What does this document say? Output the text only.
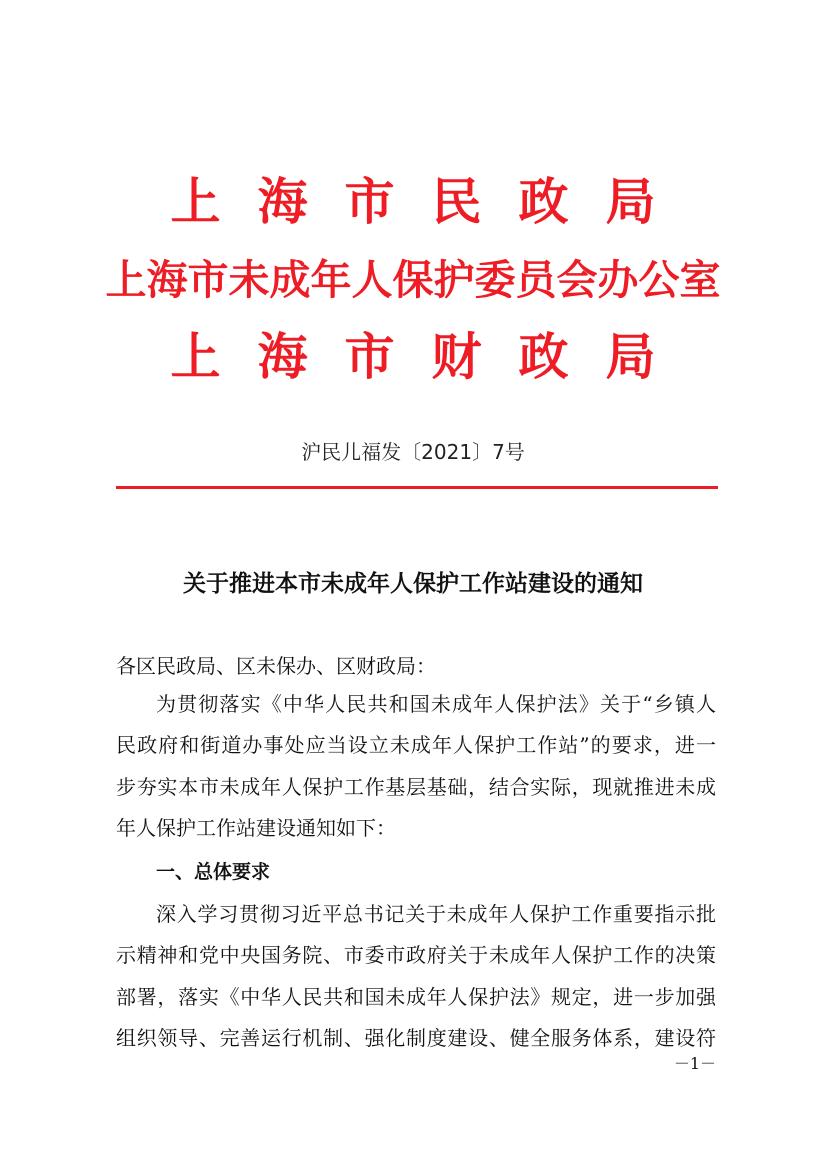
上海市民政局
上海市未成年人保护委员会办公室
上海市财政局
沪民儿福发〔2021〕7号
关于推进本市未成年人保护工作站建设的通知
各区民政局、区未保办、区财政局：
为贯彻落实《中华人民共和国未成年人保护法》关于“乡镇人
民政府和街道办事处应当设立未成年人保护工作站”的要求，进一
步夯实本市未成年人保护工作基层基础，结合实际，现就推进未成
年人保护工作站建设通知如下：
一、总体要求
深入学习贯彻习近平总书记关于未成年人保护工作重要指示批
示精神和党中央国务院、市委市政府关于未成年人保护工作的决策
部署，落实《中华人民共和国未成年人保护法》规定，进一步加强
组织领导、完善运行机制、强化制度建设、健全服务体系，建设符
－1－
